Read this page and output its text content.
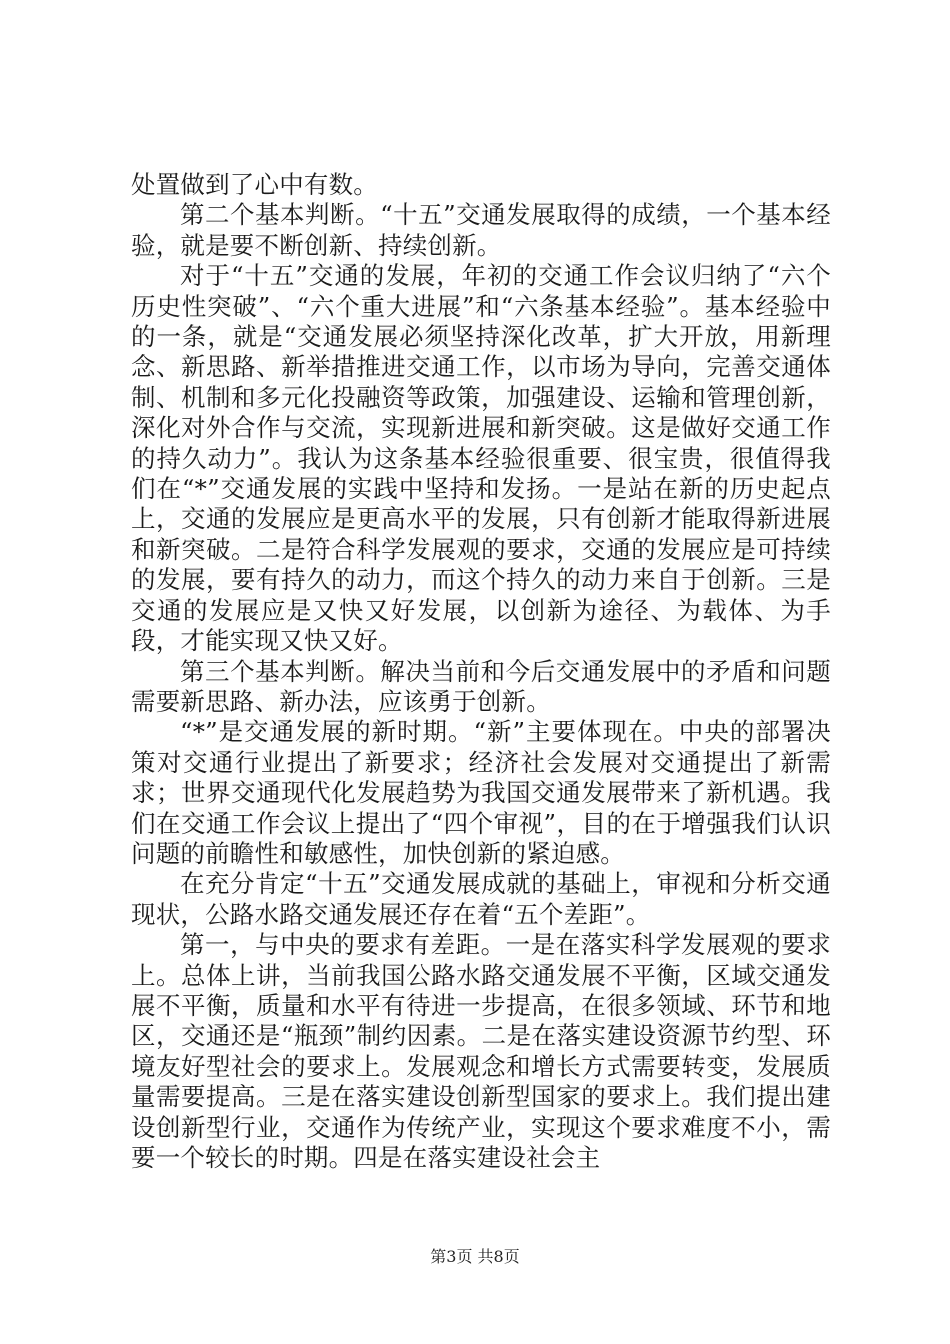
处置做到了心中有数。

第二个基本判断。“十五”交通发展取得的成绩，一个基本经验，就是要不断创新、持续创新。

对于“十五”交通的发展，年初的交通工作会议归纳了“六个历史性突破”、“六个重大进展”和“六条基本经验”。基本经验中的一条，就是“交通发展必须坚持深化改革，扩大开放，用新理念、新思路、新举措推进交通工作，以市场为导向，完善交通体制、机制和多元化投融资等政策，加强建设、运输和管理创新，深化对外合作与交流，实现新进展和新突破。这是做好交通工作的持久动力”。我认为这条基本经验很重要、很宝贵，很值得我们在“*”交通发展的实践中坚持和发扬。一是站在新的历史起点上，交通的发展应是更高水平的发展，只有创新才能取得新进展和新突破。二是符合科学发展观的要求，交通的发展应是可持续的发展，要有持久的动力，而这个持久的动力来自于创新。三是交通的发展应是又快又好发展，以创新为途径、为载体、为手段，才能实现又快又好。

第三个基本判断。解决当前和今后交通发展中的矛盾和问题需要新思路、新办法，应该勇于创新。

“*”是交通发展的新时期。“新”主要体现在。中央的部署决策对交通行业提出了新要求；经济社会发展对交通提出了新需求；世界交通现代化发展趋势为我国交通发展带来了新机遇。我们在交通工作会议上提出了“四个审视”，目的在于增强我们认识问题的前瞻性和敏感性，加快创新的紧迫感。

在充分肯定“十五”交通发展成就的基础上，审视和分析交通现状，公路水路交通发展还存在着“五个差距”。

第一，与中央的要求有差距。一是在落实科学发展观的要求上。总体上讲，当前我国公路水路交通发展不平衡，区域交通发展不平衡，质量和水平有待进一步提高，在很多领域、环节和地区，交通还是“瓶颈”制约因素。二是在落实建设资源节约型、环境友好型社会的要求上。发展观念和增长方式需要转变，发展质量需要提高。三是在落实建设创新型国家的要求上。我们提出建设创新型行业，交通作为传统产业，实现这个要求难度不小，需要一个较长的时期。四是在落实建设社会主

第3页 共8页
